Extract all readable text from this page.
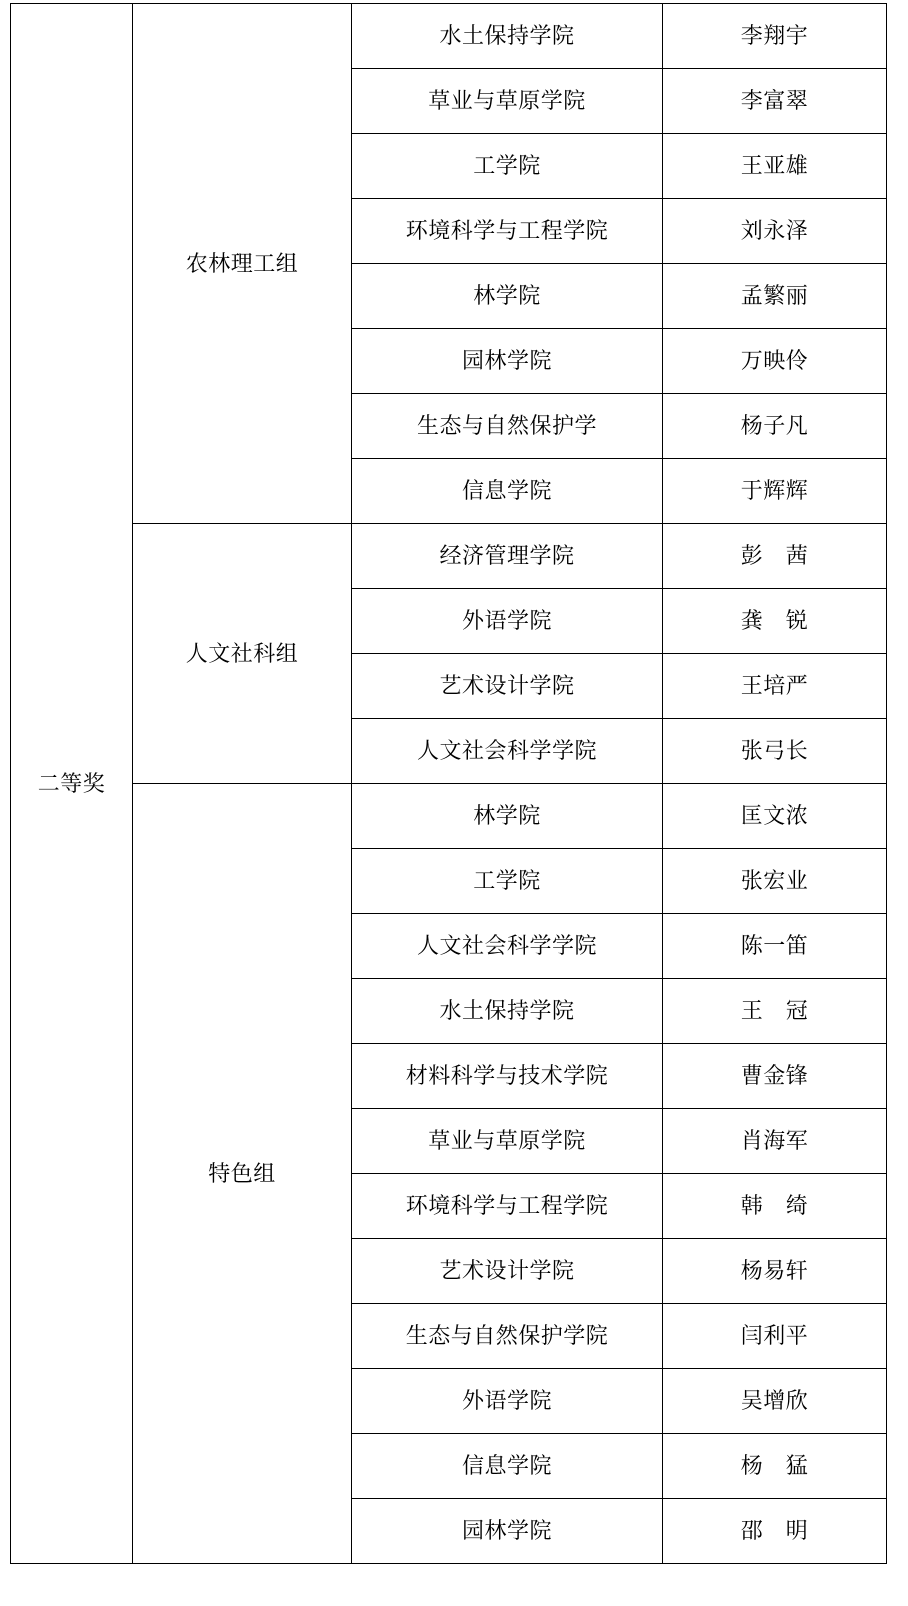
二等奖	农林理工组	水土保持学院	李翔宇
		草业与草原学院	李富翠
		工学院	王亚雄
		环境科学与工程学院	刘永泽
		林学院	孟繁丽
		园林学院	万映伶
		生态与自然保护学	杨子凡
		信息学院	于辉辉
	人文社科组	经济管理学院	彭　茜
		外语学院	龚　锐
		艺术设计学院	王培严
		人文社会科学学院	张弓长
	特色组	林学院	匡文浓
		工学院	张宏业
		人文社会科学学院	陈一笛
		水土保持学院	王　冠
		材料科学与技术学院	曹金锋
		草业与草原学院	肖海军
		环境科学与工程学院	韩　绮
		艺术设计学院	杨易轩
		生态与自然保护学院	闫利平
		外语学院	吴增欣
		信息学院	杨　猛
		园林学院	邵　明
